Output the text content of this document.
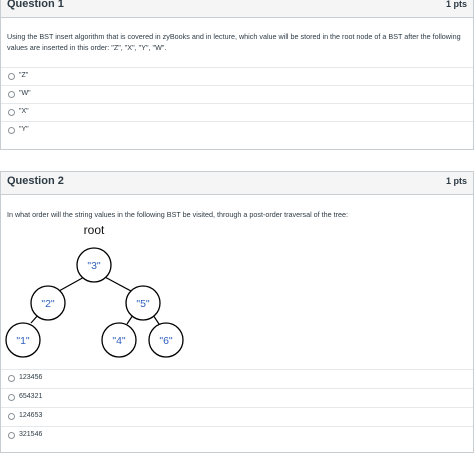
Question 1	1 pts
Using the BST insert algorithm that is covered in zyBooks and in lecture, which value will be stored in the root node of a BST after the following values are inserted in this order: "Z", "X", "Y", "W".
"Z"
"W"
"X"
"Y"
Question 2	1 pts
In what order will the string values in the following BST be visited, through a post-order traversal of the tree:
root
"3"
"2"	"5"
"1"	"4"	"6"
123456
654321
124653
321546
